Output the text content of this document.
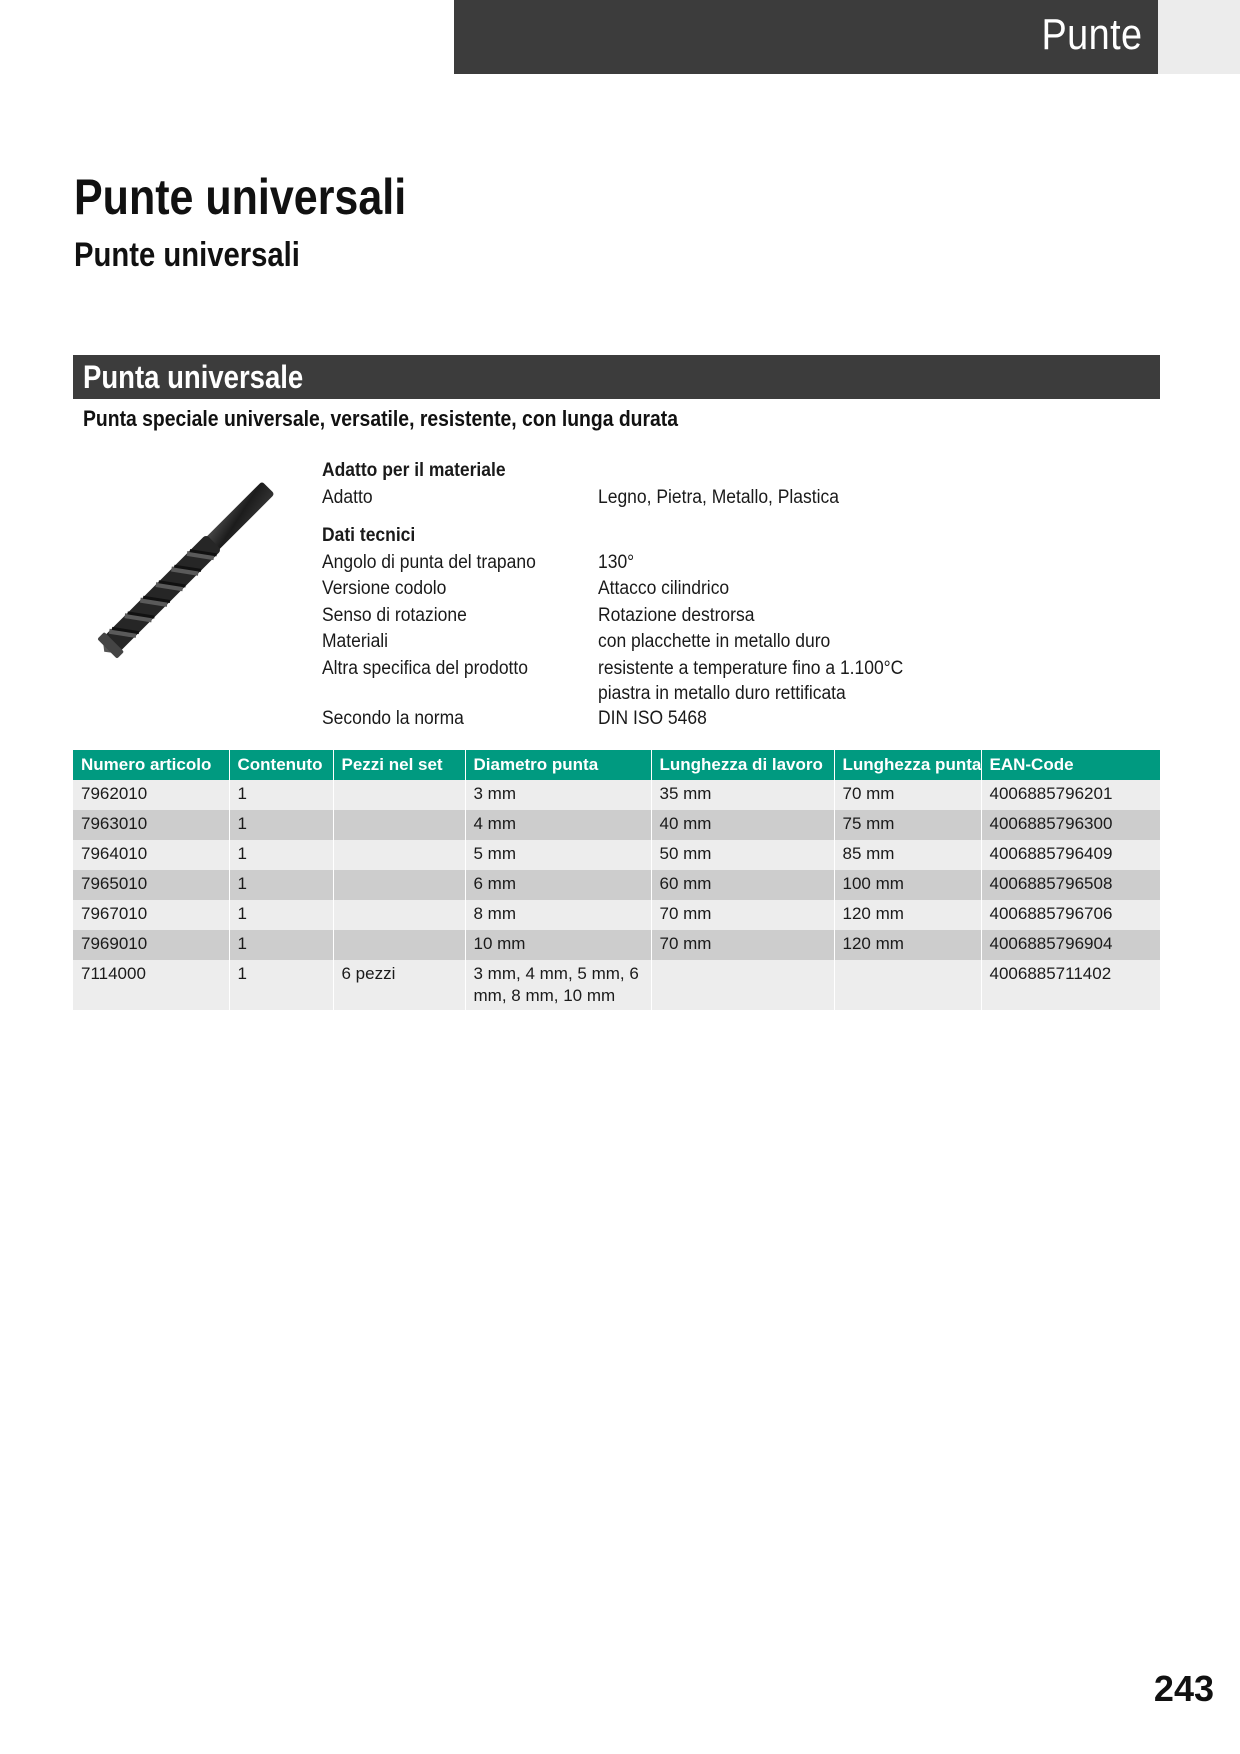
Punte
Punte universali
Punte universali
Punta universale
Punta speciale universale, versatile, resistente, con lunga durata
Adatto per il materiale
Adatto	Legno, Pietra, Metallo, Plastica
Dati tecnici
Angolo di punta del trapano	130°
Versione codolo	Attacco cilindrico
Senso di rotazione	Rotazione destrorsa
Materiali	con placchette in metallo duro
Altra specifica del prodotto	resistente a temperature fino a 1.100°C
piastra in metallo duro rettificata
Secondo la norma	DIN ISO 5468
Numero articolo	Contenuto	Pezzi nel set	Diametro punta	Lunghezza di lavoro	Lunghezza punta	EAN-Code
7962010	1		3 mm	35 mm	70 mm	4006885796201
7963010	1		4 mm	40 mm	75 mm	4006885796300
7964010	1		5 mm	50 mm	85 mm	4006885796409
7965010	1		6 mm	60 mm	100 mm	4006885796508
7967010	1		8 mm	70 mm	120 mm	4006885796706
7969010	1		10 mm	70 mm	120 mm	4006885796904
7114000	1	6 pezzi	3 mm, 4 mm, 5 mm, 6 mm, 8 mm, 10 mm			4006885711402
243
